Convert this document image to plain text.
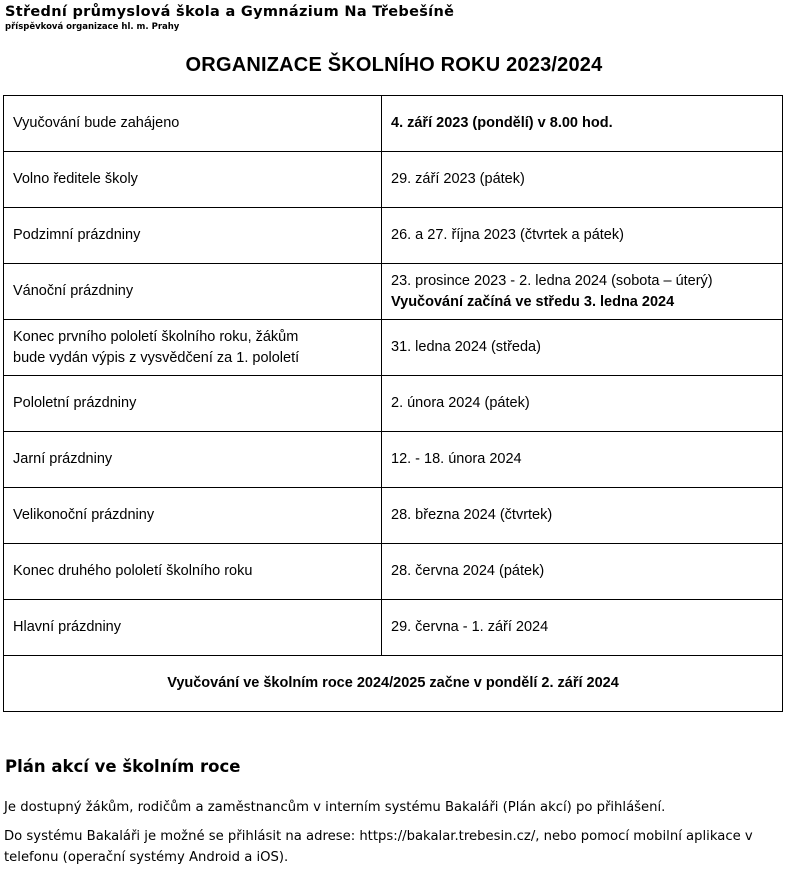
Střední průmyslová škola a Gymnázium Na Třebešíně
příspěvková organizace hl. m. Prahy
ORGANIZACE ŠKOLNÍHO ROKU 2023/2024
Vyučování bude zahájeno	4. září 2023 (pondělí) v 8.00 hod.
Volno ředitele školy	29. září 2023 (pátek)
Podzimní prázdniny	26. a 27. října 2023 (čtvrtek a pátek)
Vánoční prázdniny	23. prosince 2023 - 2. ledna 2024 (sobota – úterý)
Vyučování začíná ve středu 3. ledna 2024

Konec prvního pololetí školního roku, žákům
bude vydán výpis z vysvědčení za 1. pololetí	31. ledna 2024 (středa)
Pololetní prázdniny	2. února 2024 (pátek)
Jarní prázdniny	12. - 18. února 2024
Velikonoční prázdniny	28. března 2024 (čtvrtek)
Konec druhého pololetí školního roku	28. června 2024 (pátek)
Hlavní prázdniny	29. června - 1. září 2024
Vyučování ve školním roce 2024/2025 začne v pondělí 2. září 2024	
Plán akcí ve školním roce
Je dostupný žákům, rodičům a zaměstnancům v interním systému Bakaláři (Plán akcí) po přihlášení.
Do systému Bakaláři je možné se přihlásit na adrese: https://bakalar.trebesin.cz/, nebo pomocí mobilní aplikace v telefonu (operační systémy Android a iOS).
